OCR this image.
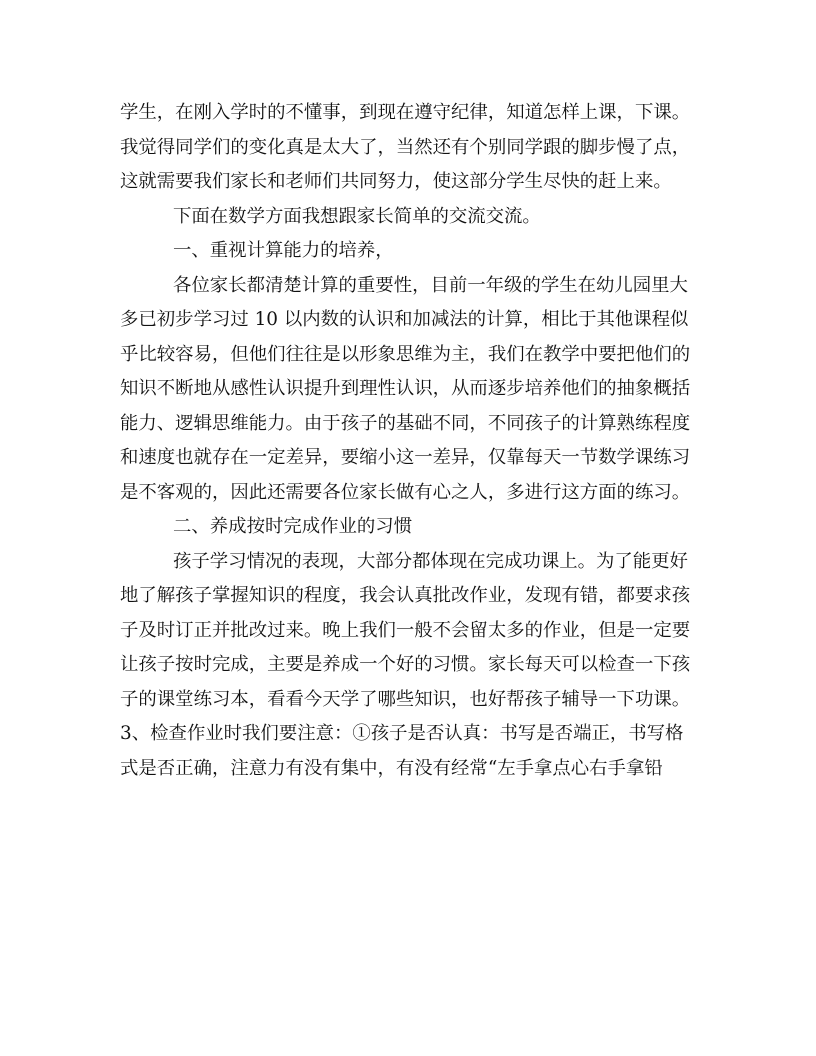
学生，在刚入学时的不懂事，到现在遵守纪律，知道怎样上课，下课。
我觉得同学们的变化真是太大了，当然还有个别同学跟的脚步慢了点，
这就需要我们家长和老师们共同努力，使这部分学生尽快的赶上来。
下面在数学方面我想跟家长简单的交流交流。
一、重视计算能力的培养，
各位家长都清楚计算的重要性，目前一年级的学生在幼儿园里大
多已初步学习过 10 以内数的认识和加减法的计算，相比于其他课程似
乎比较容易，但他们往往是以形象思维为主，我们在教学中要把他们的
知识不断地从感性认识提升到理性认识，从而逐步培养他们的抽象概括
能力、逻辑思维能力。由于孩子的基础不同，不同孩子的计算熟练程度
和速度也就存在一定差异，要缩小这一差异，仅靠每天一节数学课练习
是不客观的，因此还需要各位家长做有心之人，多进行这方面的练习。
二、养成按时完成作业的习惯
孩子学习情况的表现，大部分都体现在完成功课上。为了能更好
地了解孩子掌握知识的程度，我会认真批改作业，发现有错，都要求孩
子及时订正并批改过来。晚上我们一般不会留太多的作业，但是一定要
让孩子按时完成，主要是养成一个好的习惯。家长每天可以检查一下孩
子的课堂练习本，看看今天学了哪些知识，也好帮孩子辅导一下功课。
3、检查作业时我们要注意：①孩子是否认真：书写是否端正，书写格
式是否正确，注意力有没有集中，有没有经常“左手拿点心右手拿铅
